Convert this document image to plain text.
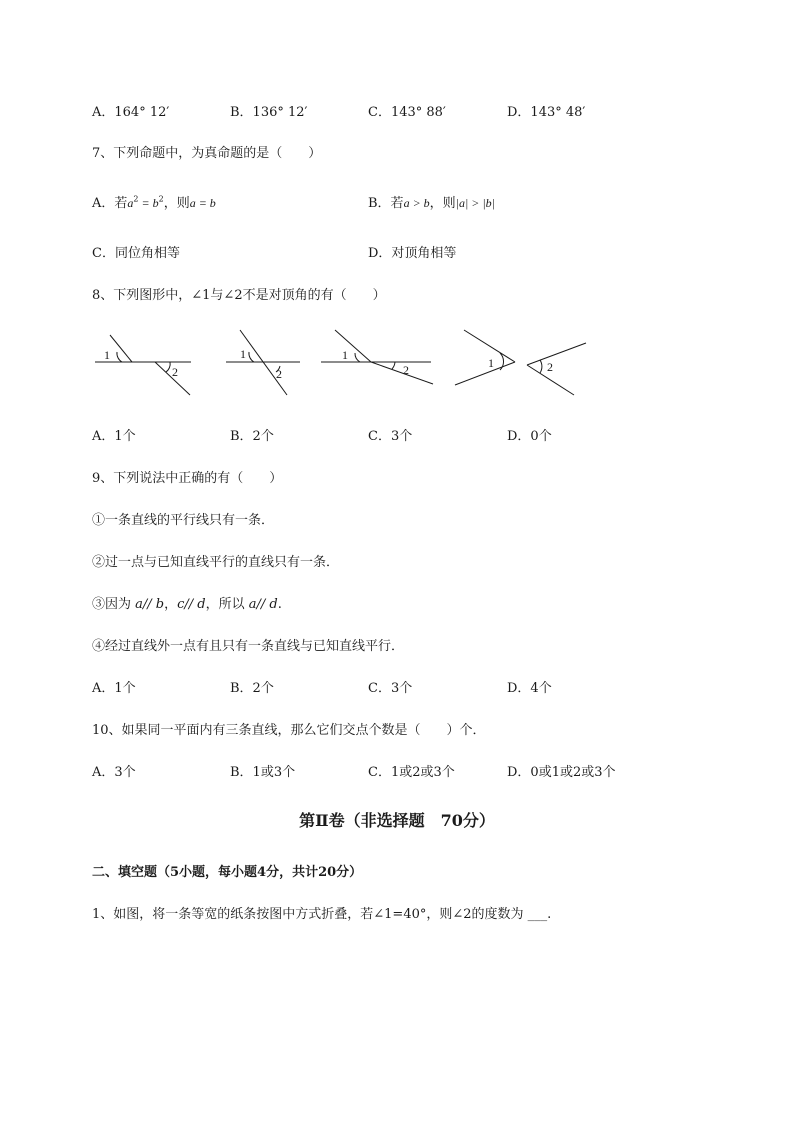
A．164° 12′	B．136° 12′	C．143° 88′	D．143° 48′
7、下列命题中，为真命题的是（　　）
A．若$a^2 = b^2$，则a = b	B．若a > b，则|a| > |b|
C．同位角相等	D．对顶角相等
8、下列图形中，∠1与∠2不是对顶角的有（　　）
1
2
1
2
1
2	1	2
A．1个	B．2个	C．3个	D．0个
9、下列说法中正确的有（　　）
①一条直线的平行线只有一条．
②过一点与已知直线平行的直线只有一条．
③因为 a// b，c// d，所以 a// d.
④经过直线外一点有且只有一条直线与已知直线平行．
A．1个	B．2个	C．3个	D．4个
10、如果同一平面内有三条直线，那么它们交点个数是（　　）个．
A．3个	B．1或3个	C．1或2或3个	D．0或1或2或3个
第Ⅱ卷（非选择题　70分）
二、填空题（5小题，每小题4分，共计20分）
1、如图，将一条等宽的纸条按图中方式折叠，若∠1=40°，则∠2的度数为 ___.
